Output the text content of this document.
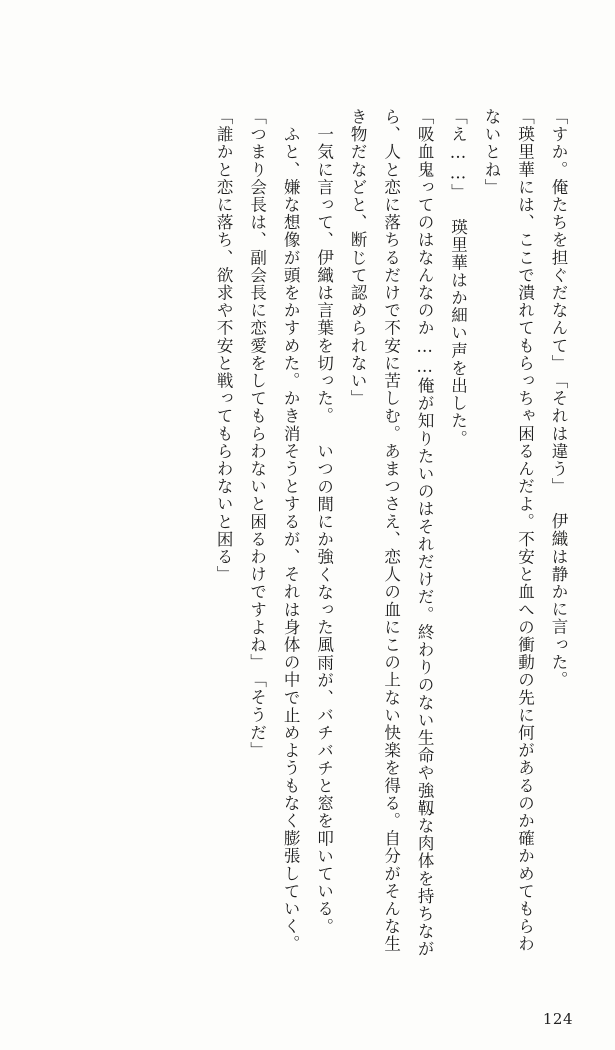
「すか。俺たちを担ぐだなんて」

「それは違う」

　伊織は静かに言った。

「瑛里華には、ここで潰れてもらっちゃ困るんだよ。不安と血への衝動の先に何があるのか確かめてもらわないとね」

「え……」

　瑛里華はか細い声を出した。

「吸血鬼ってのはなんなのか……俺が知りたいのはそれだけだ。終わりのない生命や強靱な肉体を持ちながら、人と恋に落ちるだけで不安に苦しむ。あまつさえ、恋人の血にこの上ない快楽を得る。自分がそんな生き物だなどと、断じて認められない」

　一気に言って、伊織は言葉を切った。

　いつの間にか強くなった風雨が、バチバチと窓を叩いている。

　ふと、嫌な想像が頭をかすめた。かき消そうとするが、それは身体の中で止めようもなく膨張していく。

「つまり会長は、副会長に恋愛をしてもらわないと困るわけですよね」

「そうだ」

「誰かと恋に落ち、欲求や不安と戦ってもらわないと困る」

124
